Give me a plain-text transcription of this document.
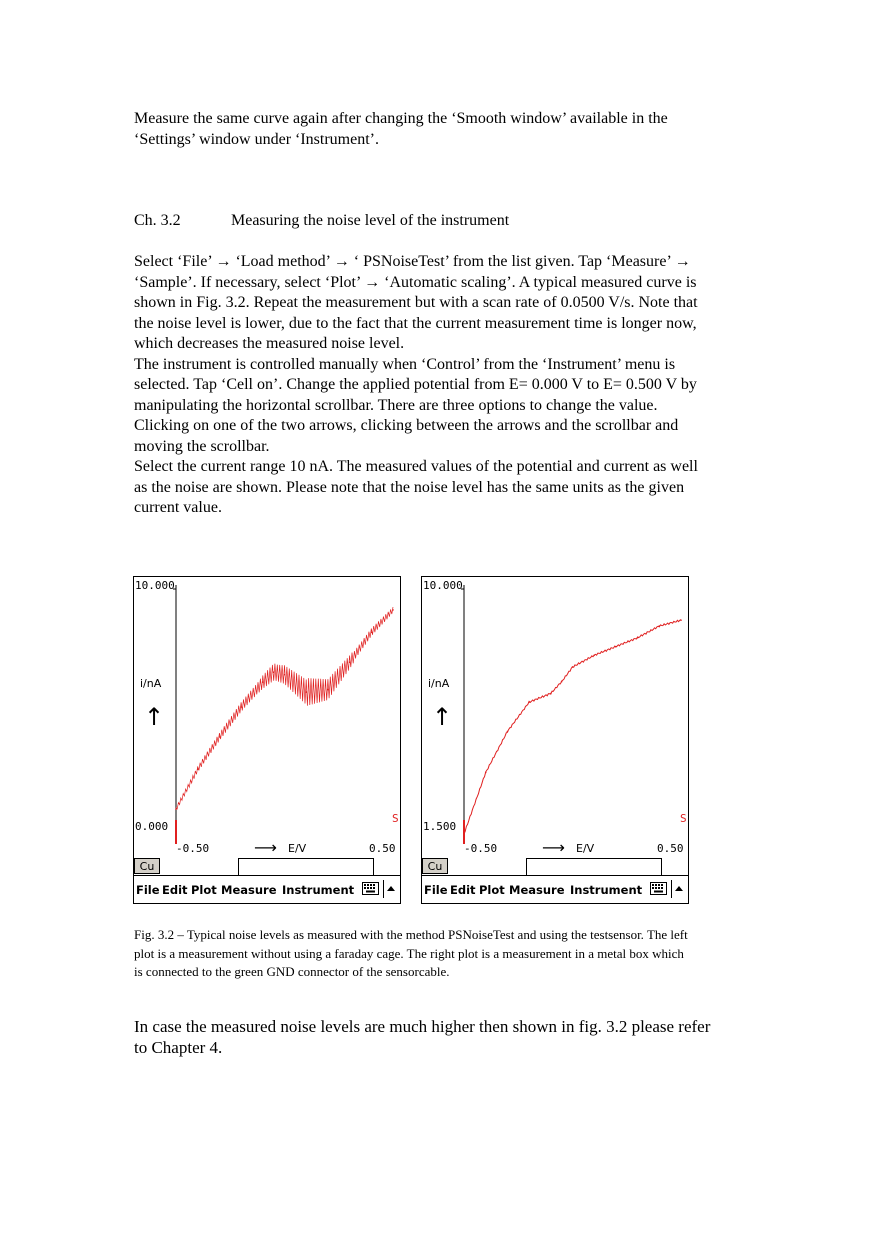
Measure the same curve again after changing the ‘Smooth window’ available in the ‘Settings’ window under ‘Instrument’.

Ch. 3.2	Measuring the noise level of the instrument
Select ‘File’ → ‘Load method’ → ‘ PSNoiseTest’ from the list given. Tap ‘Measure’ → ‘Sample’. If necessary, select ‘Plot’ → ‘Automatic scaling’. A typical measured curve is shown in Fig. 3.2. Repeat the measurement but with a scan rate of 0.0500 V/s. Note that the noise level is lower, due to the fact that the current measurement time is longer now, which decreases the measured noise level.
The instrument is controlled manually when ‘Control’ from the ‘Instrument’ menu is selected. Tap ‘Cell on’. Change the applied potential from E= 0.000 V to E= 0.500 V by manipulating the horizontal scrollbar. There are three options to change the value. Clicking on one of the two arrows, clicking between the arrows and the scrollbar and moving the scrollbar.
Select the current range 10 nA. The measured values of the potential and current as well as the noise are shown. Please note that the noise level has the same units as the given current value.
10.000
0.000
i/nA
↑
-0.50	0.50
⟶ E/V
S
Cu
File Edit Plot Measure Instrument
10.000
1.500
i/nA
↑
-0.50	0.50
⟶ E/V
S
Cu
File Edit Plot Measure Instrument

Fig. 3.2 – Typical noise levels as measured with the method PSNoiseTest and using the testsensor. The left plot is a measurement without using a faraday cage. The right plot is a measurement in a metal box which is connected to the green GND connector of the sensorcable.

In case the measured noise levels are much higher then shown in fig. 3.2 please refer to Chapter 4.
